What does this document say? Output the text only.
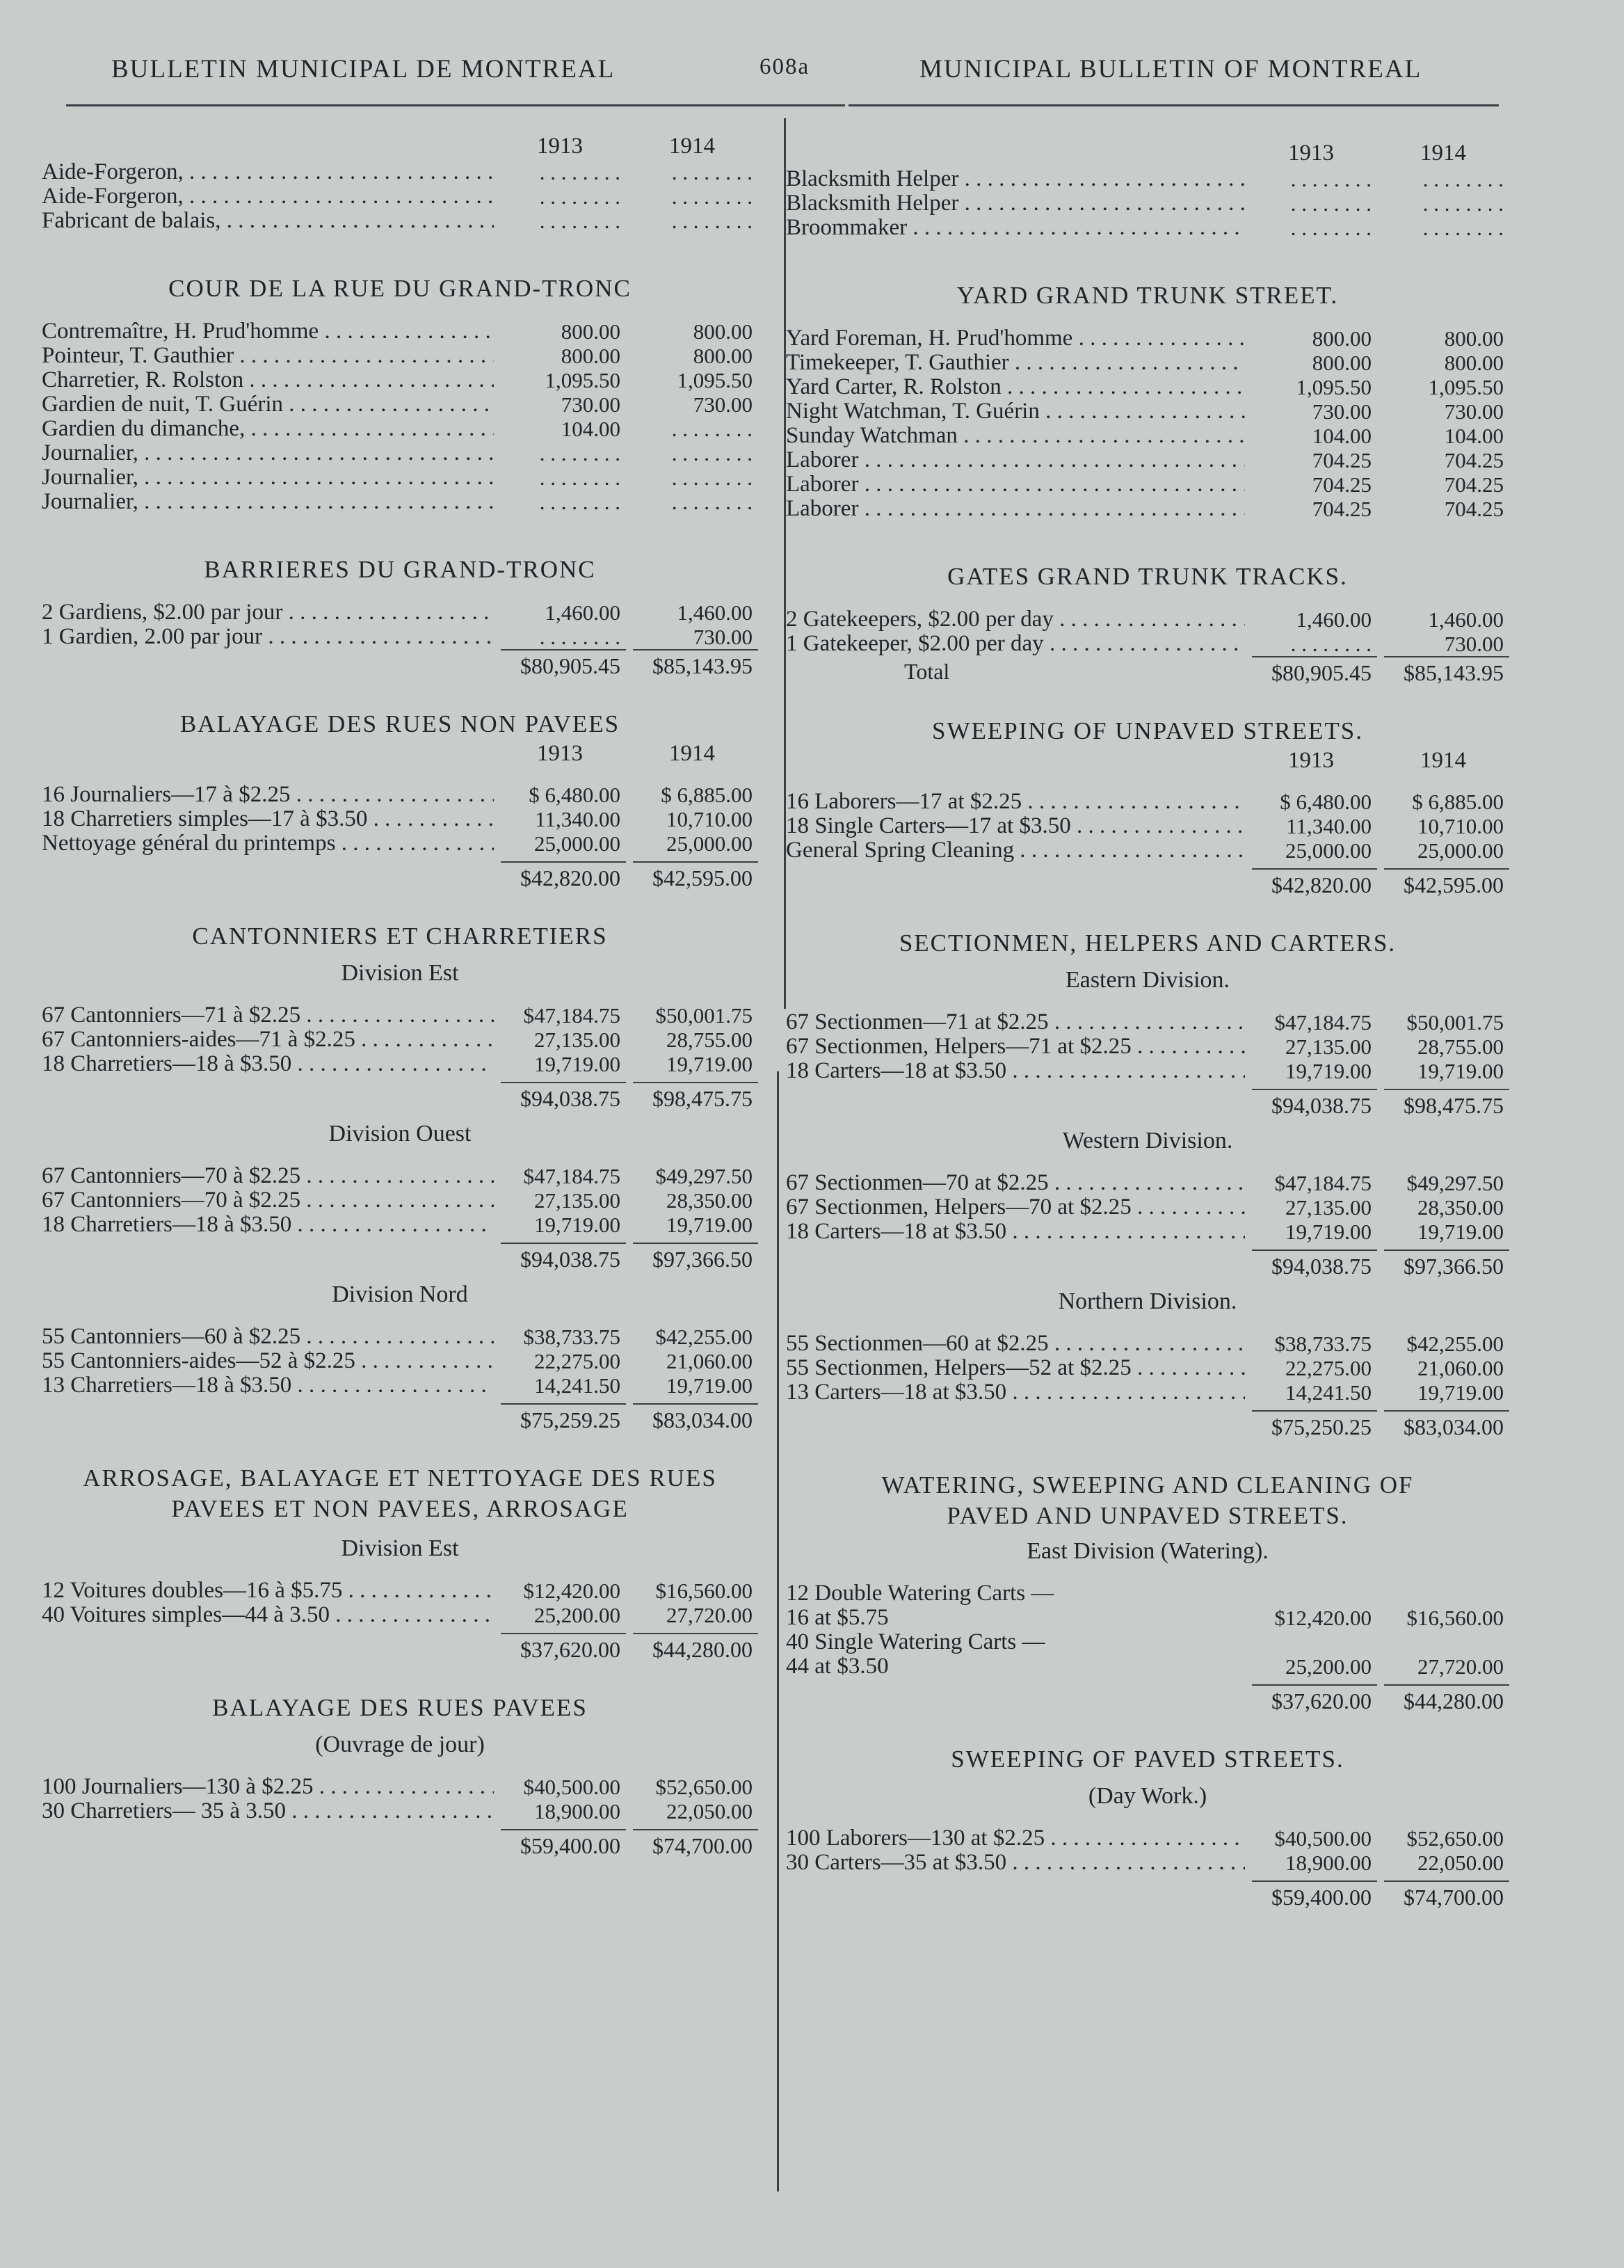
BULLETIN MUNICIPAL DE MONTREAL	608a	MUNICIPAL BULLETIN OF MONTREAL
1913	1914
Aide-Forgeron, . . .	. . . . . . . .	. . . . . . . .
Aide-Forgeron, . . .	. . . . . . . .	. . . . . . . .
Fabricant de balais, . . .	. . . . . . . .	. . . . . . . .
COUR DE LA RUE DU GRAND-TRONC
Contremaître, H. Prud'homme . . .	800.00	800.00
Pointeur, T. Gauthier . . .	800.00	800.00
Charretier, R. Rolston . . .	1,095.50	1,095.50
Gardien de nuit, T. Guérin . . .	730.00	730.00
Gardien du dimanche, . . .	104.00	. . . . . . . .
Journalier, . . .	. . . . . . . .	. . . . . . . .
Journalier, . . .	. . . . . . . .	. . . . . . . .
Journalier, . . .	. . . . . . . .	. . . . . . . .
BARRIERES DU GRAND-TRONC
2 Gardiens, $2.00 par jour . . .	1,460.00	1,460.00
1 Gardien, 2.00 par jour . . .	. . . . . . . .	730.00
$80,905.45	$85,143.95
BALAYAGE DES RUES NON PAVEES
1913	1914
16 Journaliers—17 à $2.25 . . .	$ 6,480.00	$ 6,885.00
18 Charretiers simples—17 à $3.50 . . .	11,340.00	10,710.00
Nettoyage général du printemps . . .	25,000.00	25,000.00
$42,820.00	$42,595.00
CANTONNIERS ET CHARRETIERS
Division Est
67 Cantonniers—71 à $2.25 . . .	$47,184.75	$50,001.75
67 Cantonniers-aides—71 à $2.25 . . .	27,135.00	28,755.00
18 Charretiers—18 à $3.50 . . .	19,719.00	19,719.00
$94,038.75	$98,475.75
Division Ouest
67 Cantonniers—70 à $2.25 . . .	$47,184.75	$49,297.50
67 Cantonniers—70 à $2.25 . . .	27,135.00	28,350.00
18 Charretiers—18 à $3.50 . . .	19,719.00	19,719.00
$94,038.75	$97,366.50
Division Nord
55 Cantonniers—60 à $2.25 . . .	$38,733.75	$42,255.00
55 Cantonniers-aides—52 à $2.25 . . .	22,275.00	21,060.00
13 Charretiers—18 à $3.50 . . .	14,241.50	19,719.00
$75,259.25	$83,034.00
ARROSAGE, BALAYAGE ET NETTOYAGE DES RUES
PAVEES ET NON PAVEES, ARROSAGE
Division Est
12 Voitures doubles—16 à $5.75 . . .	$12,420.00	$16,560.00
40 Voitures simples—44 à 3.50 . . .	25,200.00	27,720.00
$37,620.00	$44,280.00
BALAYAGE DES RUES PAVEES
(Ouvrage de jour)
100 Journaliers—130 à $2.25 . . .	$40,500.00	$52,650.00
30 Charretiers— 35 à 3.50 . . .	18,900.00	22,050.00
$59,400.00	$74,700.00
1913	1914
Blacksmith Helper . . .	. . . . . . . .	. . . . . . . .
Blacksmith Helper . . .	. . . . . . . .	. . . . . . . .
Broommaker . . .	. . . . . . . .	. . . . . . . .
YARD GRAND TRUNK STREET.
Yard Foreman, H. Prud'homme . . .	800.00	800.00
Timekeeper, T. Gauthier . . .	800.00	800.00
Yard Carter, R. Rolston . . .	1,095.50	1,095.50
Night Watchman, T. Guérin . . .	730.00	730.00
Sunday Watchman . . .	104.00	104.00
Laborer . . .	704.25	704.25
Laborer . . .	704.25	704.25
Laborer . . .	704.25	704.25
GATES GRAND TRUNK TRACKS.
2 Gatekeepers, $2.00 per day . . .	1,460.00	1,460.00
1 Gatekeeper, $2.00 per day . . .	. . . . . . . .	730.00
Total	$80,905.45	$85,143.95
SWEEPING OF UNPAVED STREETS.
1913	1914
16 Laborers—17 at $2.25 . . .	$ 6,480.00	$ 6,885.00
18 Single Carters—17 at $3.50 . . .	11,340.00	10,710.00
General Spring Cleaning . . .	25,000.00	25,000.00
$42,820.00	$42,595.00
SECTIONMEN, HELPERS AND CARTERS.
Eastern Division.
67 Sectionmen—71 at $2.25 . . .	$47,184.75	$50,001.75
67 Sectionmen, Helpers—71 at $2.25 . . .	27,135.00	28,755.00
18 Carters—18 at $3.50 . . .	19,719.00	19,719.00
$94,038.75	$98,475.75
Western Division.
67 Sectionmen—70 at $2.25 . . .	$47,184.75	$49,297.50
67 Sectionmen, Helpers—70 at $2.25 . . .	27,135.00	28,350.00
18 Carters—18 at $3.50 . . .	19,719.00	19,719.00
$94,038.75	$97,366.50
Northern Division.
55 Sectionmen—60 at $2.25 . . .	$38,733.75	$42,255.00
55 Sectionmen, Helpers—52 at $2.25 . . .	22,275.00	21,060.00
13 Carters—18 at $3.50 . . .	14,241.50	19,719.00
$75,250.25	$83,034.00
WATERING, SWEEPING AND CLEANING OF
PAVED AND UNPAVED STREETS.
East Division (Watering).
12 Double Watering Carts — 16 at $5.75	$12,420.00	$16,560.00
40 Single Watering Carts — 44 at $3.50	25,200.00	27,720.00
$37,620.00	$44,280.00
SWEEPING OF PAVED STREETS.
(Day Work.)
100 Laborers—130 at $2.25 . . .	$40,500.00	$52,650.00
30 Carters—35 at $3.50 . . .	18,900.00	22,050.00
$59,400.00	$74,700.00
